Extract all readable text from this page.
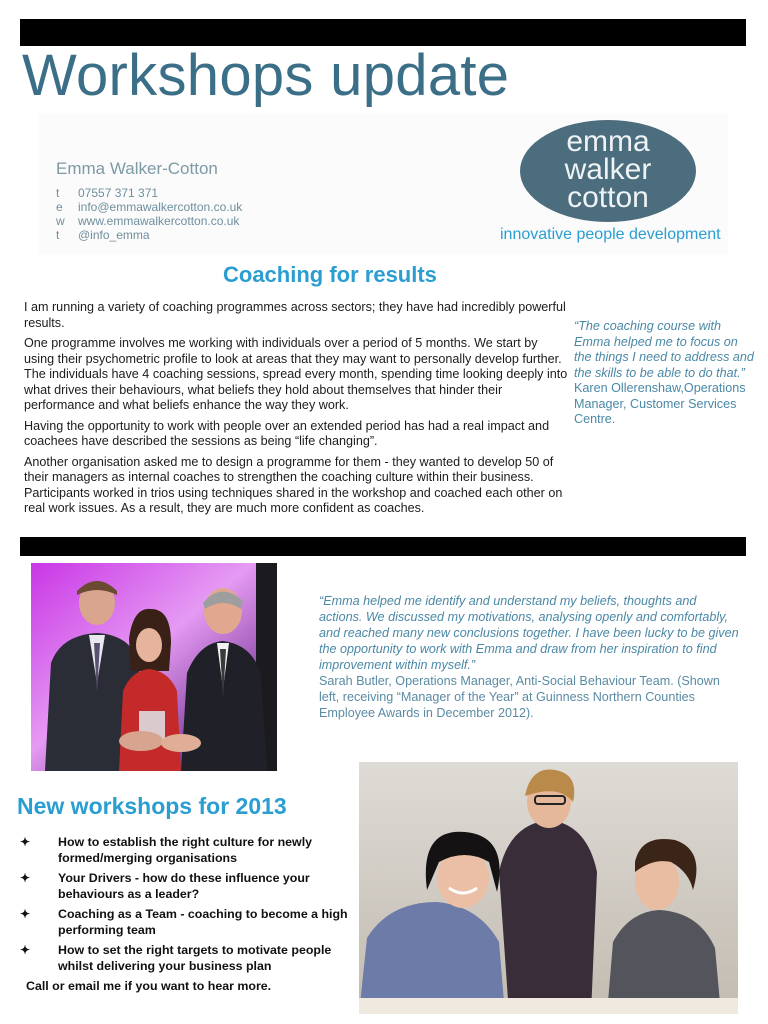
Workshops update
Emma Walker-Cotton
t 07557 371 371
e info@emmawalkercotton.co.uk
w www.emmawalkercotton.co.uk
t @info_emma
emma
walker
cotton
innovative people development
Coaching for results

I am running a variety of coaching programmes across sectors; they have had incredibly powerful results.

One programme involves me working with individuals over a period of 5 months. We start by using their psychometric profile to look at areas that they may want to personally develop further. The individuals have 4 coaching sessions, spread every month, spending time looking deeply into what drives their behaviours, what beliefs they hold about themselves that hinder their performance and what beliefs enhance the way they work.

Having the opportunity to work with people over an extended period has had a real impact and coachees have described the sessions as being “life changing”.

Another organisation asked me to design a programme for them - they wanted to develop 50 of their managers as internal coaches to strengthen the coaching culture within their business. Participants worked in trios using techniques shared in the workshop and coached each other on real work issues. As a result, they are much more confident as coaches.

“The coaching course with Emma helped me to focus on the things I need to address and the skills to be able to do that.”
Karen Ollerenshaw,Operations Manager, Customer Services Centre.
“Emma helped me identify and understand my beliefs, thoughts and actions. We discussed my motivations, analysing openly and comfortably, and reached many new conclusions together. I have been lucky to be given the opportunity to work with Emma and draw from her inspiration to find improvement within myself.”
Sarah Butler, Operations Manager, Anti-Social Behaviour Team. (Shown left, receiving “Manager of the Year” at Guinness Northern Counties Employee Awards in December 2012).
New workshops for 2013
✦ How to establish the right culture for newly formed/merging organisations
✦ Your Drivers - how do these influence your behaviours as a leader?
✦ Coaching as a Team - coaching to become a high performing team
✦ How to set the right targets to motivate people whilst delivering your business plan
Call or email me if you want to hear more.
